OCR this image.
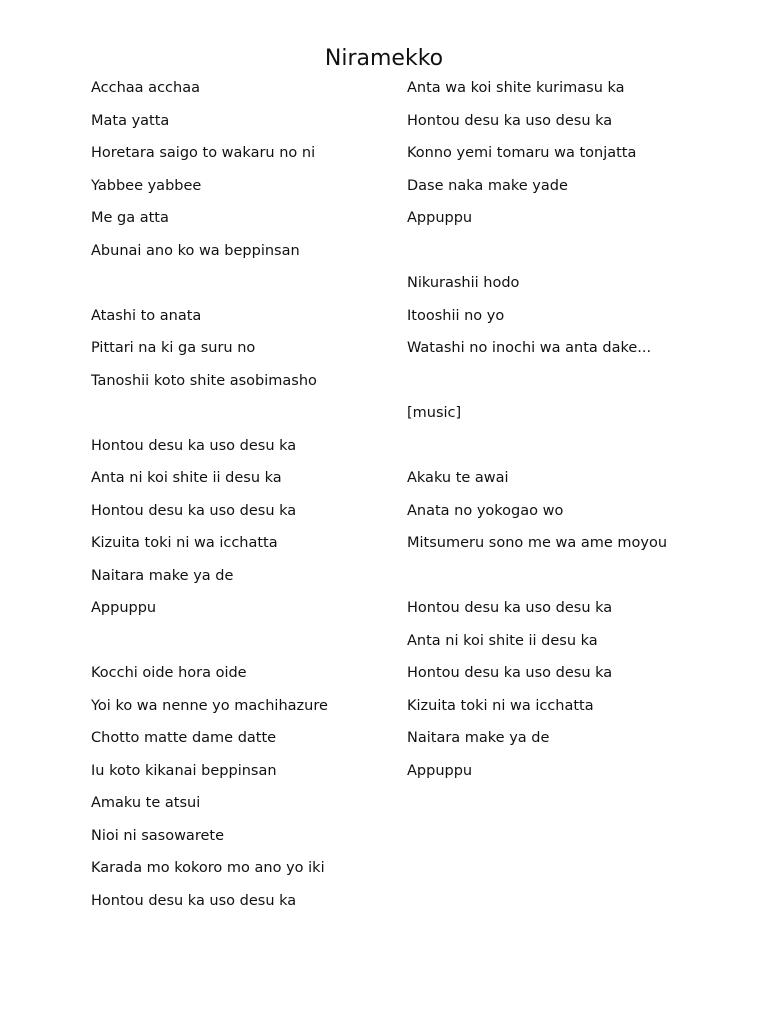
Niramekko
Acchaa acchaa
Mata yatta
Horetara saigo to wakaru no ni
Yabbee yabbee
Me ga atta
Abunai ano ko wa beppinsan
Atashi to anata
Pittari na ki ga suru no
Tanoshii koto shite asobimasho
Hontou desu ka uso desu ka
Anta ni koi shite ii desu ka
Hontou desu ka uso desu ka
Kizuita toki ni wa icchatta
Naitara make ya de
Appuppu
Kocchi oide hora oide
Yoi ko wa nenne yo machihazure
Chotto matte dame datte
Iu koto kikanai beppinsan
Amaku te atsui
Nioi ni sasowarete
Karada mo kokoro mo ano yo iki
Hontou desu ka uso desu ka
Anta wa koi shite kurimasu ka
Hontou desu ka uso desu ka
Konno yemi tomaru wa tonjatta
Dase naka make yade
Appuppu
Nikurashii hodo
Itooshii no yo
Watashi no inochi wa anta dake...
[music]
Akaku te awai
Anata no yokogao wo
Mitsumeru sono me wa ame moyou
Hontou desu ka uso desu ka
Anta ni koi shite ii desu ka
Hontou desu ka uso desu ka
Kizuita toki ni wa icchatta
Naitara make ya de
Appuppu
